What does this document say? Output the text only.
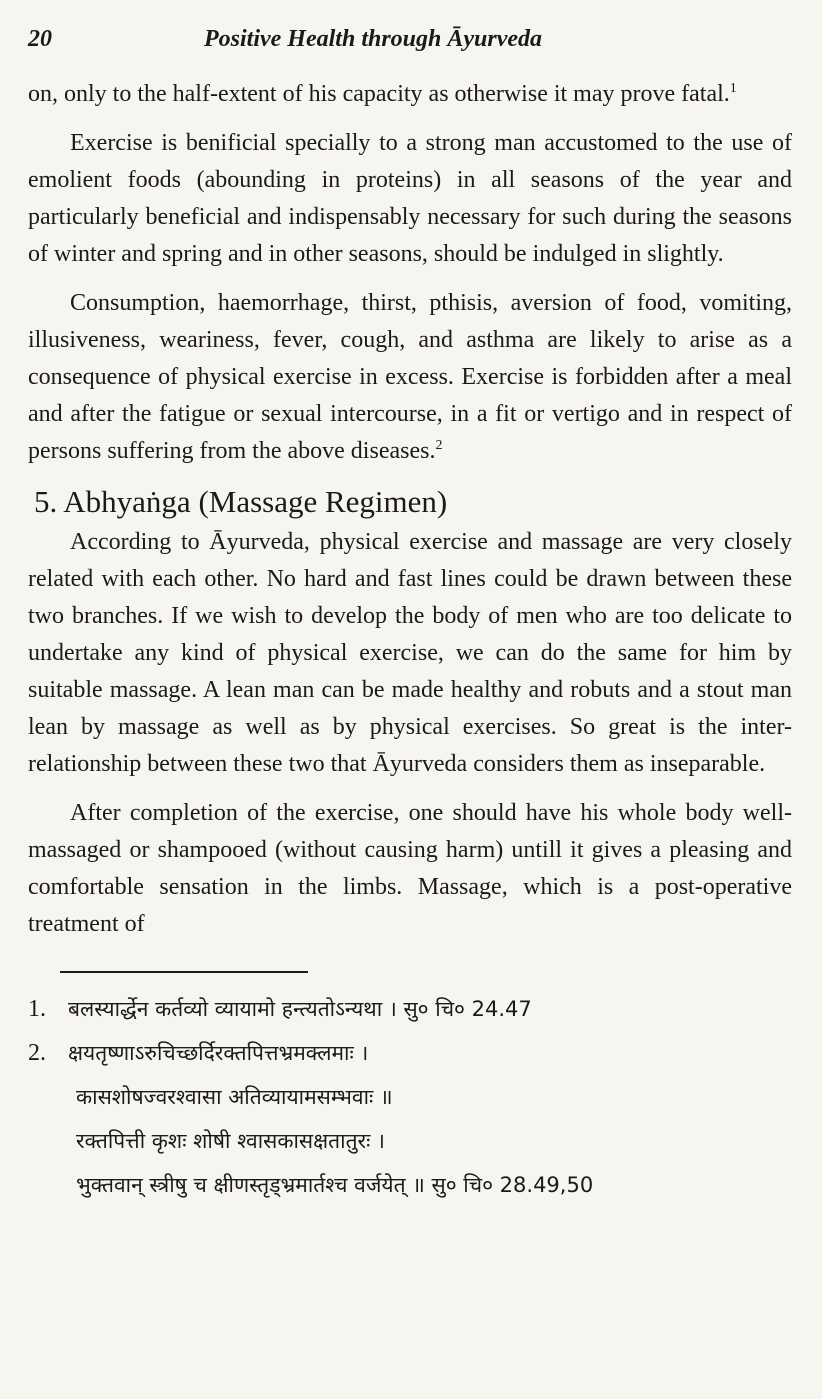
20	Positive Health through Āyurveda

on, only to the half-extent of his capacity as otherwise it may prove fatal.$^1$

Exercise is benificial specially to a strong man accustomed to the use of emolient foods (abounding in proteins) in all seasons of the year and particularly beneficial and indispensably necessary for such during the seasons of winter and spring and in other seasons, should be indulged in slightly.

Consumption, haemorrhage, thirst, pthisis, aversion of food, vomiting, illusiveness, weariness, fever, cough, and asthma are likely to arise as a consequence of physical exercise in excess. Exercise is forbidden after a meal and after the fatigue or sexual intercourse, in a fit or vertigo and in respect of persons suffering from the above diseases.$^2$

5. Abhyaṅga (Massage Regimen)

According to Āyurveda, physical exercise and massage are very closely related with each other. No hard and fast lines could be drawn between these two branches. If we wish to develop the body of men who are too delicate to undertake any kind of physical exercise, we can do the same for him by suitable massage. A lean man can be made healthy and robuts and a stout man lean by massage as well as by physical exercises. So great is the inter-relationship between these two that Āyurveda considers them as inseparable.

After completion of the exercise, one should have his whole body well-massaged or shampooed (without causing harm) untill it gives a pleasing and comfortable sensation in the limbs. Massage, which is a post-operative treatment of

1.	बलस्यार्द्धेन कर्तव्यो व्यायामो हन्त्यतोऽन्यथा । सु० चि० 24.47
2.	क्षयतृष्णाऽरुचिच्छर्दिरक्तपित्तभ्रमक्लमाः ।
कासशोषज्वरश्वासा अतिव्यायामसम्भवाः ॥
रक्तपित्ती कृशः शोषी श्वासकासक्षतातुरः ।
भुक्तवान् स्त्रीषु च क्षीणस्तृड्भ्रमार्तश्च वर्जयेत् ॥ सु० चि० 28.49,50
